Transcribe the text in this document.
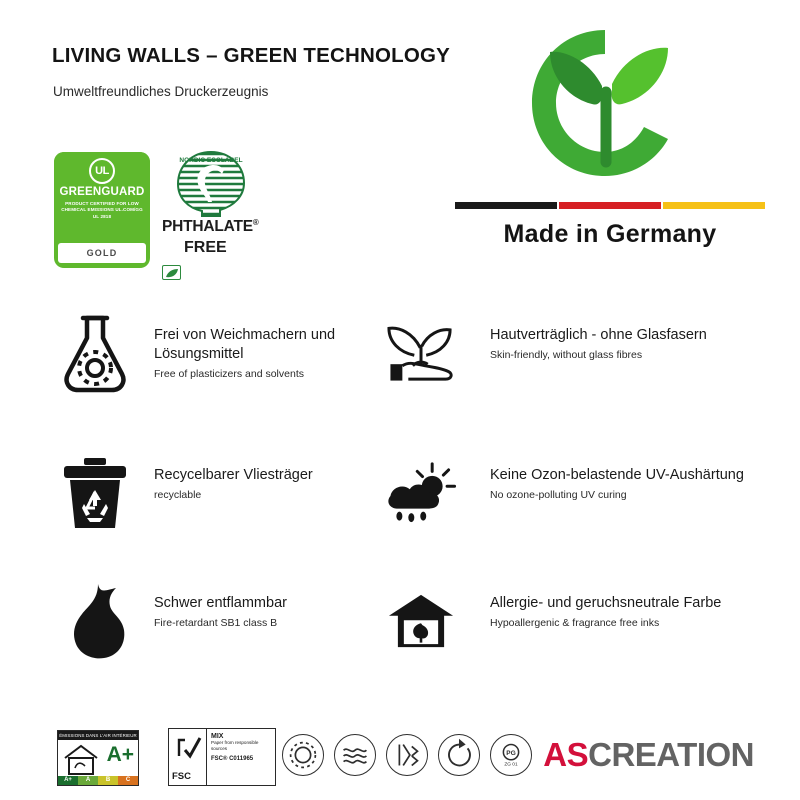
LIVING WALLS – GREEN TECHNOLOGY
Umweltfreundliches Druckerzeugnis
UL
GREENGUARD
PRODUCT CERTIFIED FOR LOW CHEMICAL EMISSIONS UL.COM/GG UL 2818
GOLD
NORDIC ECOLABEL
PHTHALATE®
FREE	Made in Germany
Frei von Weichmachern und Lösungsmittel
Free of plasticizers and solvents
Recycelbarer Vliesträger
recyclable
Schwer entflammbar
Fire-retardant SB1 class B
Hautverträglich - ohne Glasfasern
Skin-friendly, without glass fibres
Keine Ozon-belastende UV-Aushärtung
No ozone-polluting UV curing
Allergie- und geruchsneutrale Farbe
Hypoallergenic & fragrance free inks
ÉMISSIONS DANS L'AIR INTÉRIEUR
A+
A+	A	B	C	FSC
MIX
Paper from responsible sources
FSC® C011965
PG
ZG 01 ASCREATION
